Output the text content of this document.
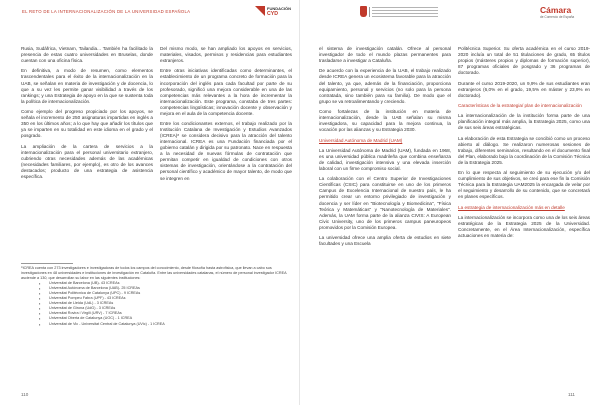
EL RETO DE LA INTERNACIONALIZACIÓN DE LA UNIVERSIDAD ESPAÑOLA
FUNDACIÓN
CYD

Rusia, Sudáfrica, Vietnam, Tailandia... También ha facilitado la presencia de estas cuatro universidades en Bruselas, donde cuentan con una oficina física.

En definitiva, a modo de resumen, como elementos trascendentales para el éxito de la internacionalización en la UAB, se señalan en materia de investigación y de docencia, lo que a su vez les permite ganar visibilidad a través de los rankings; y una Estrategia de apoyo en la que se sustenta toda la política de internacionalización.

Como ejemplo del progreso propiciado por los apoyos, se señala el incremento de 250 asignaturas impartidas en inglés a 350 en los últimos años; a lo que hay que añadir los títulos que ya se imparten en su totalidad en este idioma en el grado y el posgrado.

La ampliación de la cartera de servicios a la internacionalización para el personal universitario extranjero, cubriendo otras necesidades además de las académicas (necesidades familiares, por ejemplo), es otro de los avances destacados; producto de una estrategia de asistencia específica.

Del mismo modo, se han ampliado los apoyos en servicios, materiales, visados, permisos y residencias para estudiantes extranjeros.

Entre otras iniciativas identificadas como determinantes, el establecimiento de un programa concreto de formación para la incorporación del inglés para cada facultad por parte de su profesorado, significó una mejora considerable en una de las competencias más relevantes a la hora de incrementar la internacionalización. Este programa, constaba de tres partes: competencias lingüísticas; innovación docente y observación y mejora en el aula de la competencia docente.

Entre los condicionantes externos, el trabajo realizado por la Institución Catalana de Investigación y Estudios Avanzados (ICREA)⁸ se considera decisivo para la atracción del talento internacional. ICREA es una Fundación financiada por el gobierno catalán y dirigida por su patronato. Nace en respuesta a la necesidad de nuevas fórmulas de contratación que permitan competir en igualdad de condiciones con otros sistemas de investigación, orientándose a la contratación del personal científico y académico de mayor talento, de modo que se integren en

⁸ICREA cuenta con 273 investigadores e investigadoras de todos los campos del conocimiento, desde filosofía hasta astrofísica, que llevan a cabo sus investigaciones en 48 universidades e instituciones de investigación en Cataluña. Entre las universidades catalanas, el número de personal investigador ICREA asciende a 130, que desarrollan su labor en las siguientes instituciones:

▪ Universitat de Barcelona (UB)- 43 ICREAs
▪ Universitat Autònoma de Barcelona (UAB)- 25 ICREAs
▪ Universitat Politècnica de Catalunya (UPC) - 9 ICREAs
▪ Universitat Pompeu Fabra (UPF) - 43 ICREAs
▪ Universitat de Lleida (UdL) - 3 ICREAs
▪ Universitat de Girona (UdG) - 3 ICREAs
▪ Universitat Rovira i Virgili (URV) - 7 ICREAs
▪ Universitat Oberta de Catalunya (UOC) - 1 ICREA
▪ Universitat de Vic - Universitat Central de Catalunya (UVic) - 1 ICREA
110
Cámara
de Comercio de España

el sistema de investigación catalán. Ofrece al personal investigador de todo el mundo plazas permanentes para trasladarse a investigar a Cataluña.

De acuerdo con la experiencia de la UAB, el trabajo realizado desde ICREA genera un ecosistema favorable para la atracción del talento, ya que, además de la financiación, proporciona equipamiento, personal y servicios (no solo para la persona contratada, sino también para su familia). De modo que el grupo se va retroalimentando y creciendo.

Como fortalezas de la institución en materia de internacionalización, desde la UAB señalan su misma investigadora, su capacidad para la mejora continua, la vocación por las alianzas y su Estrategia 2030.

Universidad Autónoma de Madrid (UAM)

La Universidad Autónoma de Madrid (UAM), fundada en 1968, es una universidad pública madrileña que combina enseñanza de calidad, investigación intensiva y una elevada inserción laboral con un firme compromiso social.

La colaboración con el Centro Superior de Investigaciones Científicas (CSIC) para constituirse en uno de los primeros Campus de Excelencia Internacional de nuestro país, le ha permitido crear un entorno privilegiado de investigación y docencia y ser líder en "Biotecnología y Biomedicina", "Física Teórica y Matemáticas" y "Nanotecnología de Materiales". Además, la UAM forma parte de la alianza CIVIS: A European Civic University, uno de los primeros campus paneuropeos promovidos por la Comisión Europea.

La universidad ofrece una amplia oferta de estudios en siete facultades y una Escuela

Politécnica Superior. Su oferta académica en el curso 2019-2020 incluía un total de 51 titulaciones de grado, 65 títulos propios (másteres propios y diplomas de formación superior), 87 programas oficiales de posgrado y 36 programas de doctorado.

Durante el curso 2019-2020, un 9,9% de sus estudiantes eran extranjeros (6,0% en el grado, 19,5% en máster y 23,9% en doctorado).

Características de la estrategia/ plan de internacionalización

La internacionalización de la institución forma parte de una planificación integral más amplia, la Estrategia 2025, como una de sus seis áreas estratégicas.

La elaboración de esta Estrategia se concibió como un proceso abierto al diálogo. Se realizaron numerosas sesiones de trabajo, diferentes seminarios, resultando en el documento final del Plan, elaborado bajo la coordinación de la Comisión Técnica de la Estrategia 2025.

En lo que respecta al seguimiento de su ejecución y/o del cumplimiento de sus objetivos, se creó para ese fin la Comisión Técnica para la Estrategia UAM2025 la encargada de velar por el seguimiento y desarrollo de su contenido, que se concretará en planes específicos.

La estrategia de internacionalización más en detalle

La internacionalización se incorpora como una de los seis áreas estratégicas de la Estrategia 2025 de la Universidad. Concretamente, en el Área Internacionalización, específica actuaciones en materia de:

111
